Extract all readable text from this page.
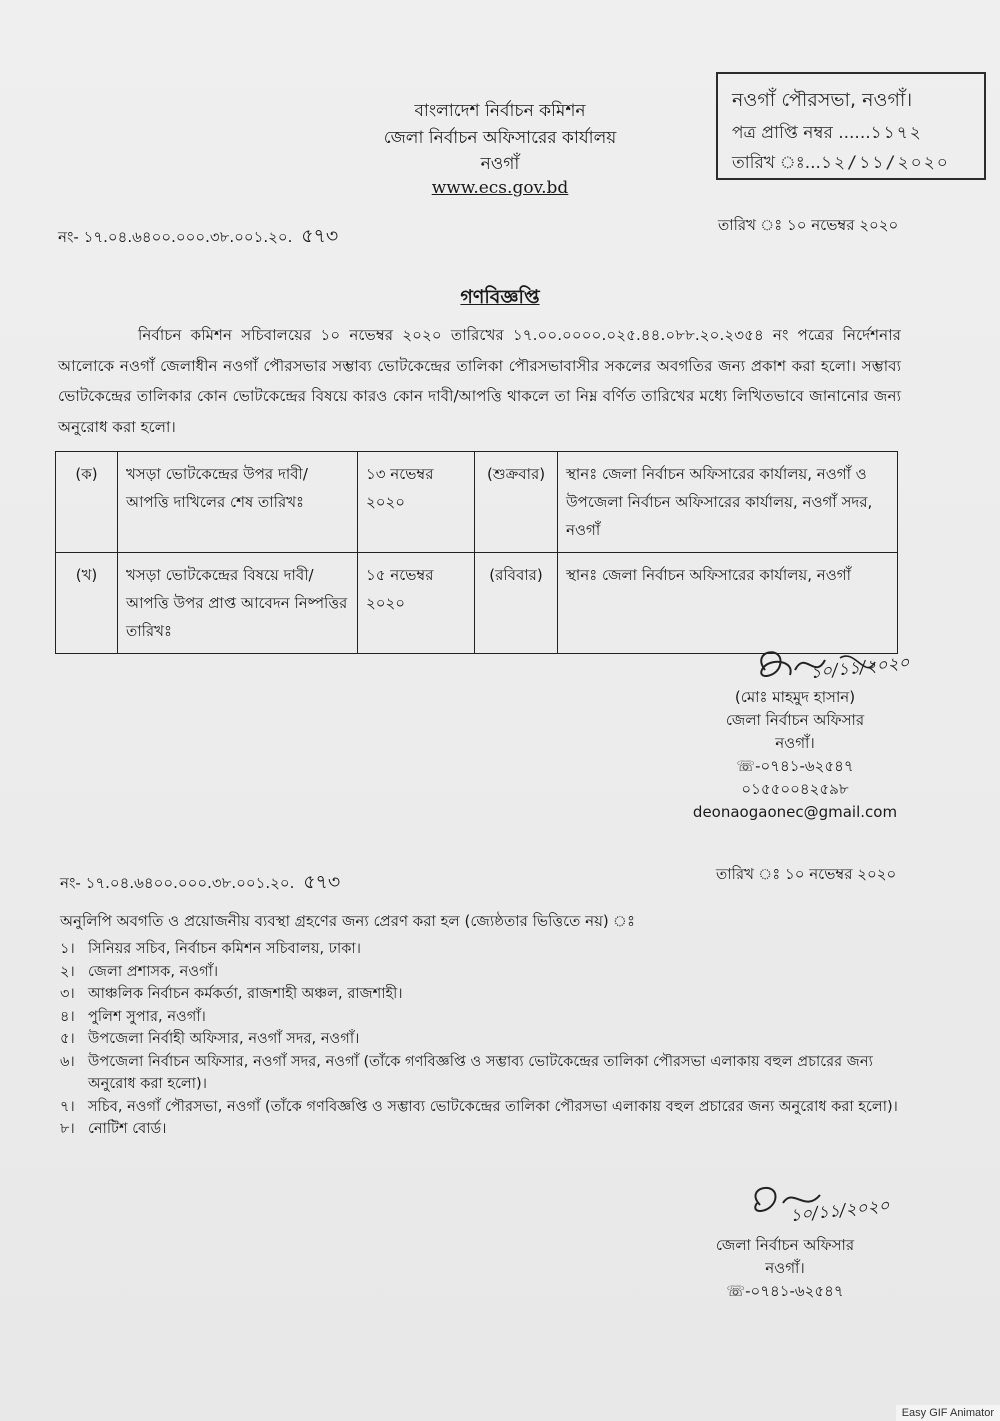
নওগাঁ পৌরসভা, নওগাঁ।
পত্র প্রাপ্তি নম্বর ......১১৭২
তারিখ ঃ...১২/১১/২০২০
বাংলাদেশ নির্বাচন কমিশন
জেলা নির্বাচন অফিসারের কার্যালয়
নওগাঁ
www.ecs.gov.bd
নং- ১৭.০৪.৬৪০০.০০০.৩৮.০০১.২০. ৫৭৩	তারিখ ঃ ১০ নভেম্বর ২০২০
গণবিজ্ঞপ্তি

নির্বাচন কমিশন সচিবালয়ের ১০ নভেম্বর ২০২০ তারিখের ১৭.০০.০০০০.০২৫.৪৪.০৮৮.২০.২৩৫৪ নং পত্রের নির্দেশনার আলোকে নওগাঁ জেলাধীন নওগাঁ পৌরসভার সম্ভাব্য ভোটকেন্দ্রের তালিকা পৌরসভাবাসীর সকলের অবগতির জন্য প্রকাশ করা হলো। সম্ভাব্য ভোটকেন্দ্রের তালিকার কোন ভোটকেন্দ্রের বিষয়ে কারও কোন দাবী/আপত্তি থাকলে তা নিম্ন বর্ণিত তারিখের মধ্যে লিখিতভাবে জানানোর জন্য অনুরোধ করা হলো।

(ক)	খসড়া ভোটকেন্দ্রের উপর দাবী/আপত্তি দাখিলের শেষ তারিখঃ	১৩ নভেম্বর ২০২০	(শুক্রবার)	স্থানঃ জেলা নির্বাচন অফিসারের কার্যালয়, নওগাঁ ও উপজেলা নির্বাচন অফিসারের কার্যালয়, নওগাঁ সদর, নওগাঁ
(খ)	খসড়া ভোটকেন্দ্রের বিষয়ে দাবী/আপত্তি উপর প্রাপ্ত আবেদন নিষ্পত্তির তারিখঃ	১৫ নভেম্বর ২০২০	(রবিবার)	স্থানঃ জেলা নির্বাচন অফিসারের কার্যালয়, নওগাঁ
১০/১১/২০২০
(মোঃ মাহমুদ হাসান)
জেলা নির্বাচন অফিসার
নওগাঁ।
☏-০৭৪১-৬২৫৪৭
০১৫৫০০৪২৫৯৮
deonaogaonec@gmail.com
নং- ১৭.০৪.৬৪০০.০০০.৩৮.০০১.২০. ৫৭৩	তারিখ ঃ ১০ নভেম্বর ২০২০
অনুলিপি অবগতি ও প্রয়োজনীয় ব্যবস্থা গ্রহণের জন্য প্রেরণ করা হল (জ্যেষ্ঠতার ভিত্তিতে নয়) ঃ
১। সিনিয়র সচিব, নির্বাচন কমিশন সচিবালয়, ঢাকা।
২। জেলা প্রশাসক, নওগাঁ।
৩। আঞ্চলিক নির্বাচন কর্মকর্তা, রাজশাহী অঞ্চল, রাজশাহী।
৪। পুলিশ সুপার, নওগাঁ।
৫। উপজেলা নির্বাহী অফিসার, নওগাঁ সদর, নওগাঁ।
৬। উপজেলা নির্বাচন অফিসার, নওগাঁ সদর, নওগাঁ (তাঁকে গণবিজ্ঞপ্তি ও সম্ভাব্য ভোটকেন্দ্রের তালিকা পৌরসভা এলাকায় বহুল প্রচারের জন্য অনুরোধ করা হলো)।
৭। সচিব, নওগাঁ পৌরসভা, নওগাঁ (তাঁকে গণবিজ্ঞপ্তি ও সম্ভাব্য ভোটকেন্দ্রের তালিকা পৌরসভা এলাকায় বহুল প্রচারের জন্য অনুরোধ করা হলো)।
৮। নোটিশ বোর্ড।
১০/১১/২০২০
জেলা নির্বাচন অফিসার
নওগাঁ।
☏-০৭৪১-৬২৫৪৭
Easy GIF Animator
